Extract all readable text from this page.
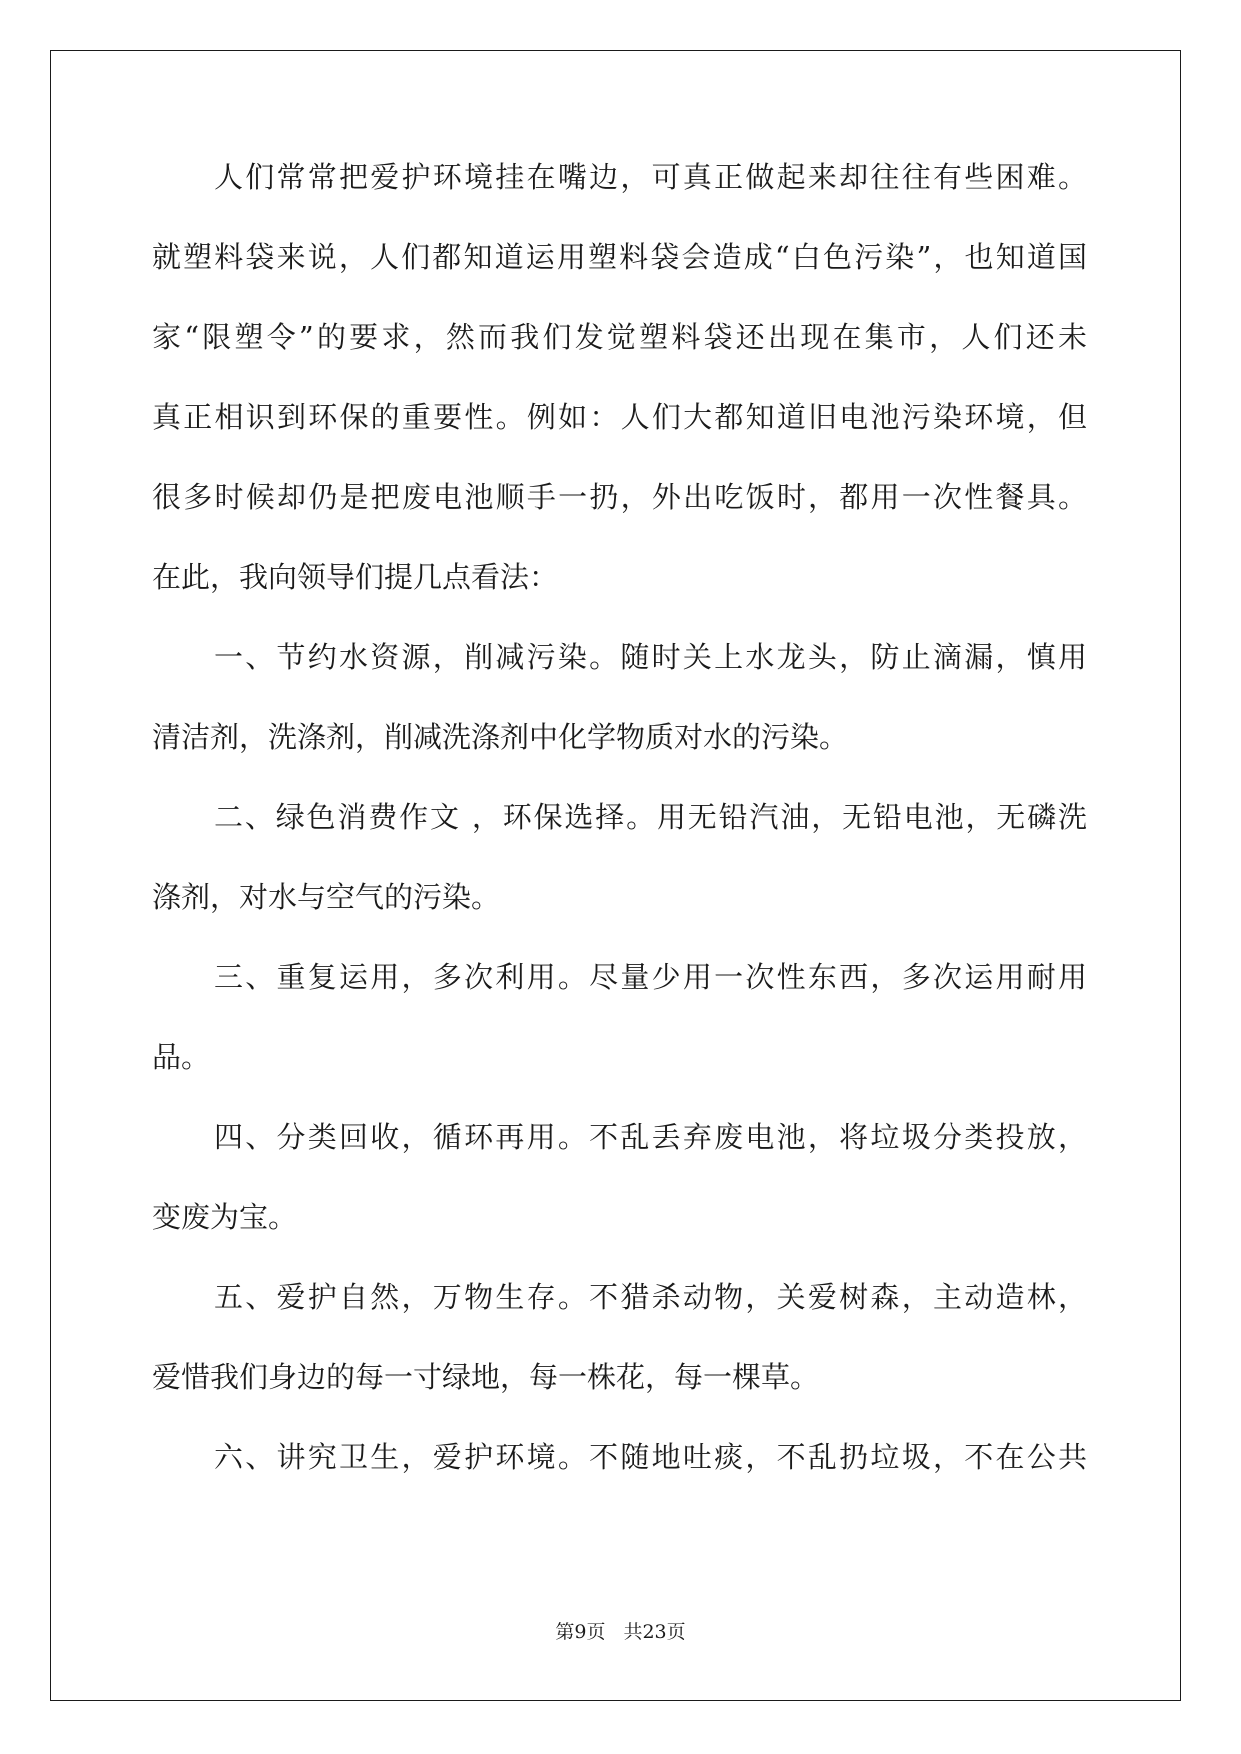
人们常常把爱护环境挂在嘴边，可真正做起来却往往有些困难。
就塑料袋来说，人们都知道运用塑料袋会造成“白色污染”，也知道国
家“限塑令”的要求，然而我们发觉塑料袋还出现在集市，人们还未
真正相识到环保的重要性。例如：人们大都知道旧电池污染环境，但
很多时候却仍是把废电池顺手一扔，外出吃饭时，都用一次性餐具。
在此，我向领导们提几点看法：
一、节约水资源，削减污染。随时关上水龙头，防止滴漏，慎用
清洁剂，洗涤剂，削减洗涤剂中化学物质对水的污染。
二、绿色消费作文 ，环保选择。用无铅汽油，无铅电池，无磷洗
涤剂，对水与空气的污染。
三、重复运用，多次利用。尽量少用一次性东西，多次运用耐用
品。
四、分类回收，循环再用。不乱丢弃废电池，将垃圾分类投放，
变废为宝。
五、爱护自然，万物生存。不猎杀动物，关爱树森，主动造林，
爱惜我们身边的每一寸绿地，每一株花，每一棵草。
六、讲究卫生，爱护环境。不随地吐痰，不乱扔垃圾，不在公共
第9页 共23页
